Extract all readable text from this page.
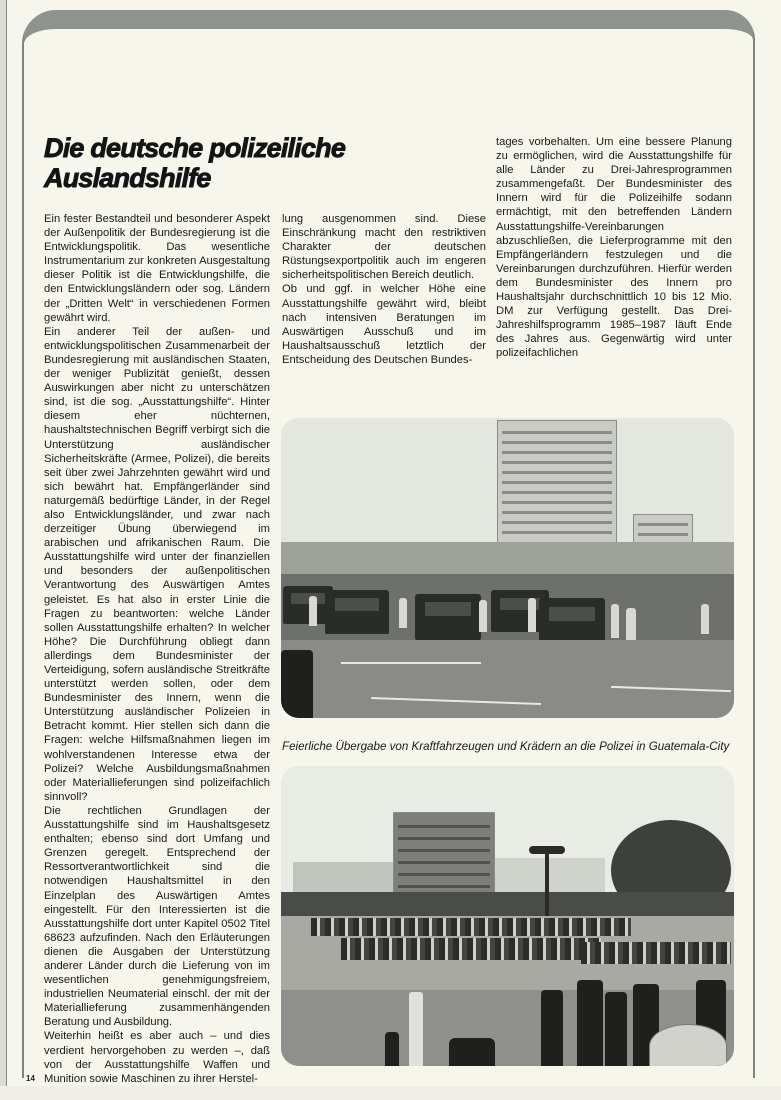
Die deutsche polizeiliche
Auslandshilfe

Ein fester Bestandteil und besonderer Aspekt der Außenpolitik der Bundesregierung ist die Entwicklungspolitik. Das wesentliche Instrumentarium zur konkreten Ausgestaltung dieser Politik ist die Entwicklungshilfe, die den Entwicklungsländern oder sog. Ländern der „Dritten Welt“ in verschiedenen Formen gewährt wird.

Ein anderer Teil der außen- und entwicklungspolitischen Zusammenarbeit der Bundesregierung mit ausländischen Staaten, der weniger Publizität genießt, dessen Auswirkungen aber nicht zu unterschätzen sind, ist die sog. „Ausstattungshilfe“. Hinter diesem eher nüchternen, haushaltstechnischen Begriff verbirgt sich die Unterstützung ausländischer Sicherheitskräfte (Armee, Polizei), die bereits seit über zwei Jahrzehnten gewährt wird und sich bewährt hat. Empfängerländer sind naturgemäß bedürftige Länder, in der Regel also Entwicklungsländer, und zwar nach derzeitiger Übung überwiegend im arabischen und afrikanischen Raum. Die Ausstattungshilfe wird unter der finanziellen und besonders der außenpolitischen Verantwortung des Auswärtigen Amtes geleistet. Es hat also in erster Linie die Fragen zu beantworten: welche Länder sollen Ausstattungshilfe erhalten? In welcher Höhe? Die Durchführung obliegt dann allerdings dem Bundesminister der Verteidigung, sofern ausländische Streitkräfte unterstützt werden sollen, oder dem Bundesminister des Innern, wenn die Unterstützung ausländischer Polizeien in Betracht kommt. Hier stellen sich dann die Fragen: welche Hilfsmaßnahmen liegen im wohlverstandenen Interesse etwa der Polizei? Welche Ausbildungsmaßnahmen oder Materiallieferungen sind polizeifachlich sinnvoll?

Die rechtlichen Grundlagen der Ausstattungshilfe sind im Haushaltsgesetz enthalten; ebenso sind dort Umfang und Grenzen geregelt. Entsprechend der Ressortverantwortlichkeit sind die notwendigen Haushaltsmittel in den Einzelplan des Auswärtigen Amtes eingestellt. Für den Interessierten ist die Ausstattungshilfe dort unter Kapitel 0502 Titel 68623 aufzufinden. Nach den Erläuterungen dienen die Ausgaben der Unterstützung anderer Länder durch die Lieferung von im wesentlichen genehmigungsfreiem, industriellen Neumaterial einschl. der mit der Materiallieferung zusammenhängenden Beratung und Ausbildung.

Weiterhin heißt es aber auch – und dies verdient hervorgehoben zu werden –, daß von der Ausstattungshilfe Waffen und Munition sowie Maschinen zu ihrer Herstel-

lung ausgenommen sind. Diese Einschränkung macht den restriktiven Charakter der deutschen Rüstungsexportpolitik auch im engeren sicherheitspolitischen Bereich deutlich.

Ob und ggf. in welcher Höhe eine Ausstattungshilfe gewährt wird, bleibt nach intensiven Beratungen im Auswärtigen Ausschuß und im Haushaltsausschuß letztlich der Entscheidung des Deutschen Bundes-

tages vorbehalten. Um eine bessere Planung zu ermöglichen, wird die Ausstattungshilfe für alle Länder zu Drei-Jahresprogrammen zusammengefaßt. Der Bundesminister des Innern wird für die Polizeihilfe sodann ermächtigt, mit den betreffenden Ländern Ausstattungshilfe-Vereinbarungen abzuschließen, die Lieferprogramme mit den Empfängerländern festzulegen und die Vereinbarungen durchzuführen. Hierfür werden dem Bundesminister des Innern pro Haushaltsjahr durchschnittlich 10 bis 12 Mio. DM zur Verfügung gestellt. Das Drei-Jahreshilfsprogramm 1985–1987 läuft Ende des Jahres aus. Gegenwärtig wird unter polizeifachlichen

Feierliche Übergabe von Kraftfahrzeugen und Krädern an die Polizei in Guatemala-City
14
